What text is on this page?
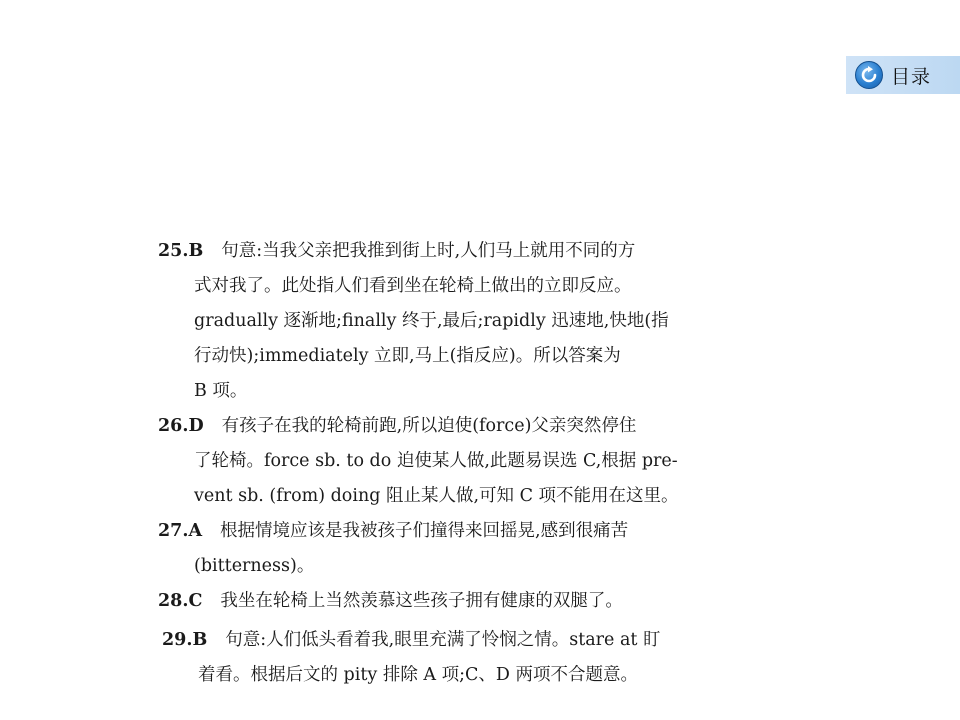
目录
25.B 句意:当我父亲把我推到街上时,人们马上就用不同的方
式对我了。此处指人们看到坐在轮椅上做出的立即反应。
gradually 逐渐地;finally 终于,最后;rapidly 迅速地,快地(指
行动快);immediately 立即,马上(指反应)。所以答案为
B 项。
26.D 有孩子在我的轮椅前跑,所以迫使(force)父亲突然停住
了轮椅。force sb. to do 迫使某人做,此题易误选 C,根据 pre-
vent sb. (from) doing 阻止某人做,可知 C 项不能用在这里。
27.A 根据情境应该是我被孩子们撞得来回摇晃,感到很痛苦
(bitterness)。
28.C 我坐在轮椅上当然羡慕这些孩子拥有健康的双腿了。
29.B 句意:人们低头看着我,眼里充满了怜悯之情。stare at 盯
着看。根据后文的 pity 排除 A 项;C、D 两项不合题意。
